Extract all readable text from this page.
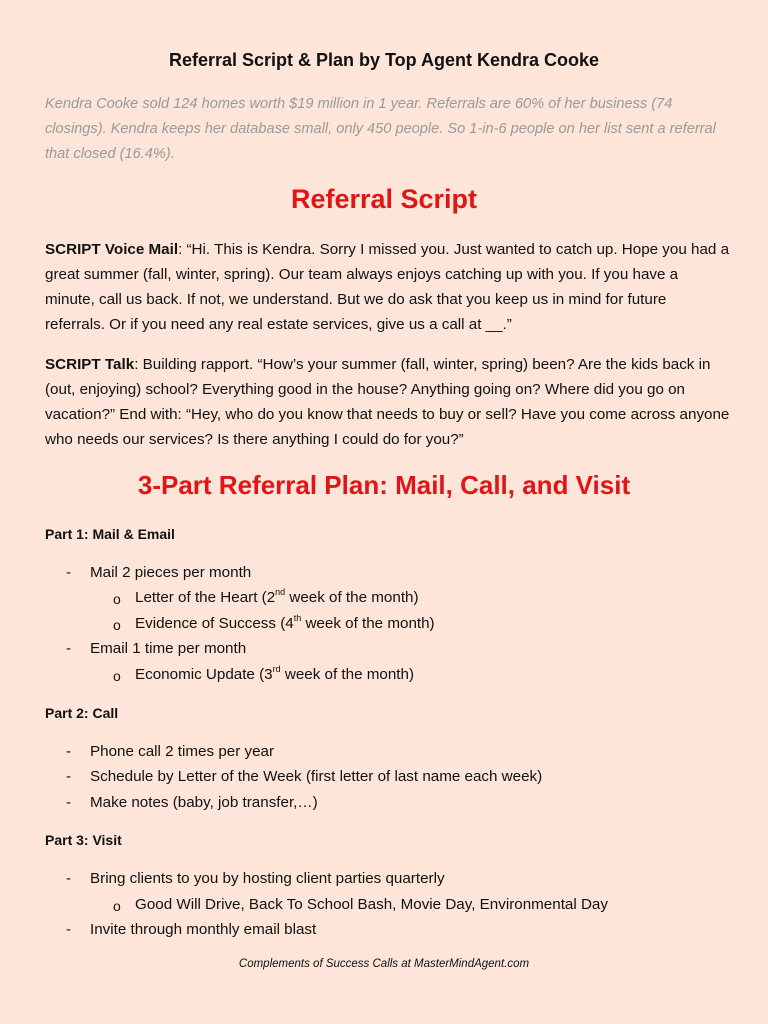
Referral Script & Plan by Top Agent Kendra Cooke
Kendra Cooke sold 124 homes worth $19 million in 1 year. Referrals are 60% of her business (74 closings). Kendra keeps her database small, only 450 people. So 1-in-6 people on her list sent a referral that closed (16.4%).
Referral Script
SCRIPT Voice Mail: “Hi. This is Kendra. Sorry I missed you. Just wanted to catch up. Hope you had a great summer (fall, winter, spring). Our team always enjoys catching up with you. If you have a minute, call us back. If not, we understand. But we do ask that you keep us in mind for future referrals. Or if you need any real estate services, give us a call at __.”
SCRIPT Talk: Building rapport. “How’s your summer (fall, winter, spring) been? Are the kids back in (out, enjoying) school? Everything good in the house? Anything going on? Where did you go on vacation?” End with: “Hey, who do you know that needs to buy or sell? Have you come across anyone who needs our services? Is there anything I could do for you?”
3-Part Referral Plan: Mail, Call, and Visit
Part 1: Mail & Email
- Mail 2 pieces per month
o Letter of the Heart (2nd week of the month)
o Evidence of Success (4th week of the month)
- Email 1 time per month
o Economic Update (3rd week of the month)
Part 2: Call
- Phone call 2 times per year
- Schedule by Letter of the Week (first letter of last name each week)
- Make notes (baby, job transfer,…)
Part 3: Visit
- Bring clients to you by hosting client parties quarterly
o Good Will Drive, Back To School Bash, Movie Day, Environmental Day
- Invite through monthly email blast
Complements of Success Calls at MasterMindAgent.com
